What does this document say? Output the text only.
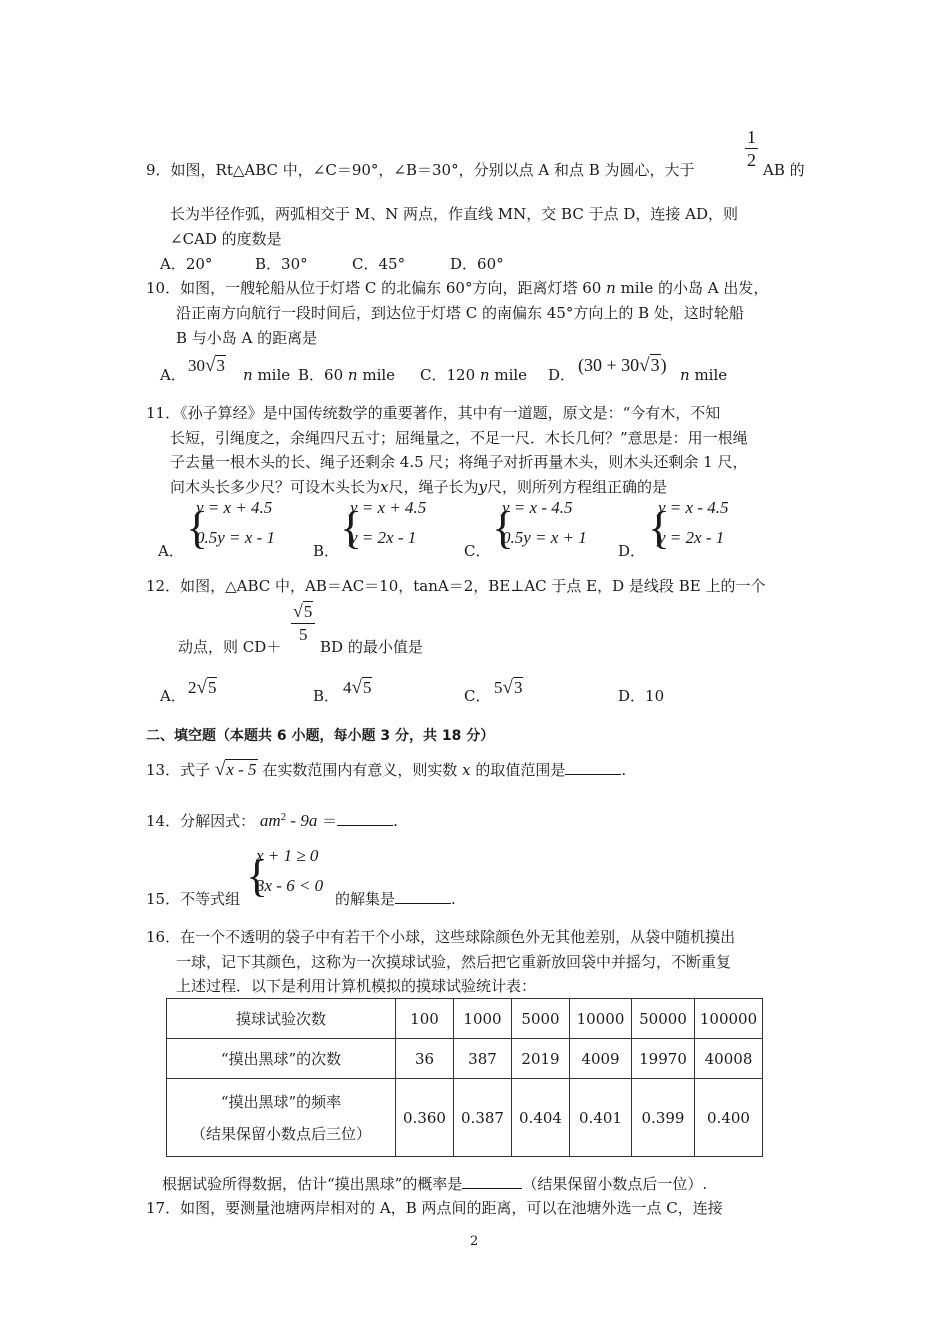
9．如图，Rt△ABC 中，∠C＝90°，∠B＝30°，分别以点 A 和点 B 为圆心，大于	$\frac{1}{2}$ AB 的
长为半径作弧，两弧相交于 M、N 两点，作直线 MN，交 BC 于点 D，连接 AD，则
∠CAD 的度数是
A．20°	B．30°	C．45°	D．60°
10．如图，一艘轮船从位于灯塔 C 的北偏东 60°方向，距离灯塔 60 n mile 的小岛 A 出发，
沿正南方向航行一段时间后，到达位于灯塔 C 的南偏东 45°方向上的 B 处，这时轮船
B 与小岛 A 的距离是
A． 30√3 n mile B．60 n mile C．120 n mile D． (30 + 30√3) n mile
11．《孙子算经》是中国传统数学的重要著作，其中有一道题，原文是：“今有木，不知
长短，引绳度之，余绳四尺五寸；屈绳量之，不足一尺．木长几何？”意思是：用一根绳
子去量一根木头的长、绳子还剩余 4.5 尺；将绳子对折再量木头，则木头还剩余 1 尺，
问木头长多少尺？可设木头长为x尺，绳子长为y尺，则所列方程组正确的是
A． {
y = x + 4.5
0.5y = x - 1
B． {
y = x + 4.5
y = 2x - 1
C． {
y = x - 4.5
0.5y = x + 1
D． {
y = x - 4.5
y = 2x - 1
12．如图，△ABC 中，AB＝AC＝10，tanA＝2，BE⊥AC 于点 E，D 是线段 BE 上的一个
动点，则 CD＋
$\frac{√5}{5}$
BD 的最小值是
A． 2√5	B． 4√5	C． 5√3	D．10
二、填空题（本题共 6 小题，每小题 3 分，共 18 分）
13．式子 √x - 5 在实数范围内有意义，则实数 x 的取值范围是	.
14．分解因式： $am^2 - 9a$ ＝	.
15．不等式组 {
x + 1 ≥ 0
3x - 6 < 0
的解集是	.
16．在一个不透明的袋子中有若干个小球，这些球除颜色外无其他差别，从袋中随机摸出
一球，记下其颜色，这称为一次摸球试验，然后把它重新放回袋中并摇匀，不断重复
上述过程．以下是利用计算机模拟的摸球试验统计表：
摸球试验次数	100	1000	5000	10000	50000	100000
“摸出黑球”的次数	36	387	2019	4009	19970	40008

“摸出黑球”的频率
（结果保留小数点后三位）	0.360	0.387	0.404	0.401	0.399	0.400
根据试验所得数据，估计“摸出黑球”的概率是	（结果保留小数点后一位）.
17．如图，要测量池塘两岸相对的 A，B 两点间的距离，可以在池塘外选一点 C，连接
2
